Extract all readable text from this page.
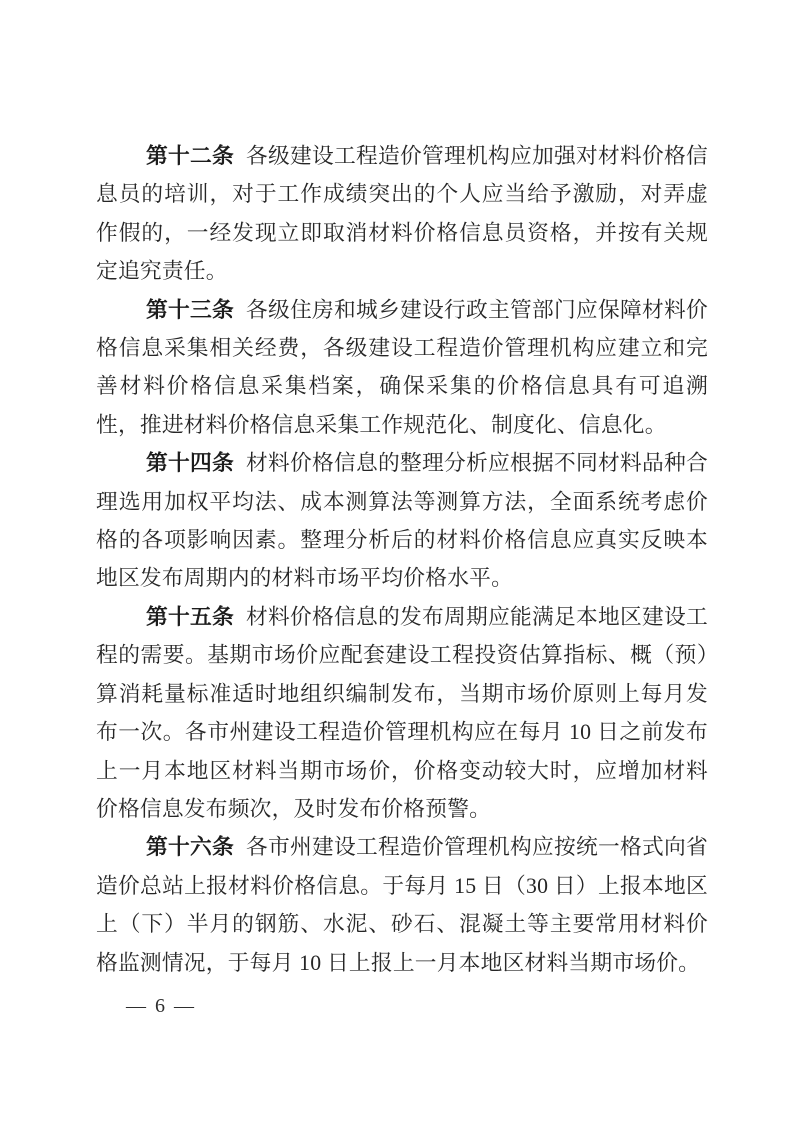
第十二条 各级建设工程造价管理机构应加强对材料价格信息员的培训，对于工作成绩突出的个人应当给予激励，对弄虚作假的，一经发现立即取消材料价格信息员资格，并按有关规定追究责任。

第十三条 各级住房和城乡建设行政主管部门应保障材料价格信息采集相关经费，各级建设工程造价管理机构应建立和完善材料价格信息采集档案，确保采集的价格信息具有可追溯性，推进材料价格信息采集工作规范化、制度化、信息化。

第十四条 材料价格信息的整理分析应根据不同材料品种合理选用加权平均法、成本测算法等测算方法，全面系统考虑价格的各项影响因素。整理分析后的材料价格信息应真实反映本地区发布周期内的材料市场平均价格水平。

第十五条 材料价格信息的发布周期应能满足本地区建设工程的需要。基期市场价应配套建设工程投资估算指标、概（预）算消耗量标准适时地组织编制发布，当期市场价原则上每月发布一次。各市州建设工程造价管理机构应在每月 10 日之前发布上一月本地区材料当期市场价，价格变动较大时，应增加材料价格信息发布频次，及时发布价格预警。

第十六条 各市州建设工程造价管理机构应按统一格式向省造价总站上报材料价格信息。于每月 15 日（30 日）上报本地区上（下）半月的钢筋、水泥、砂石、混凝土等主要常用材料价格监测情况，于每月 10 日上报上一月本地区材料当期市场价。

— 6 —
